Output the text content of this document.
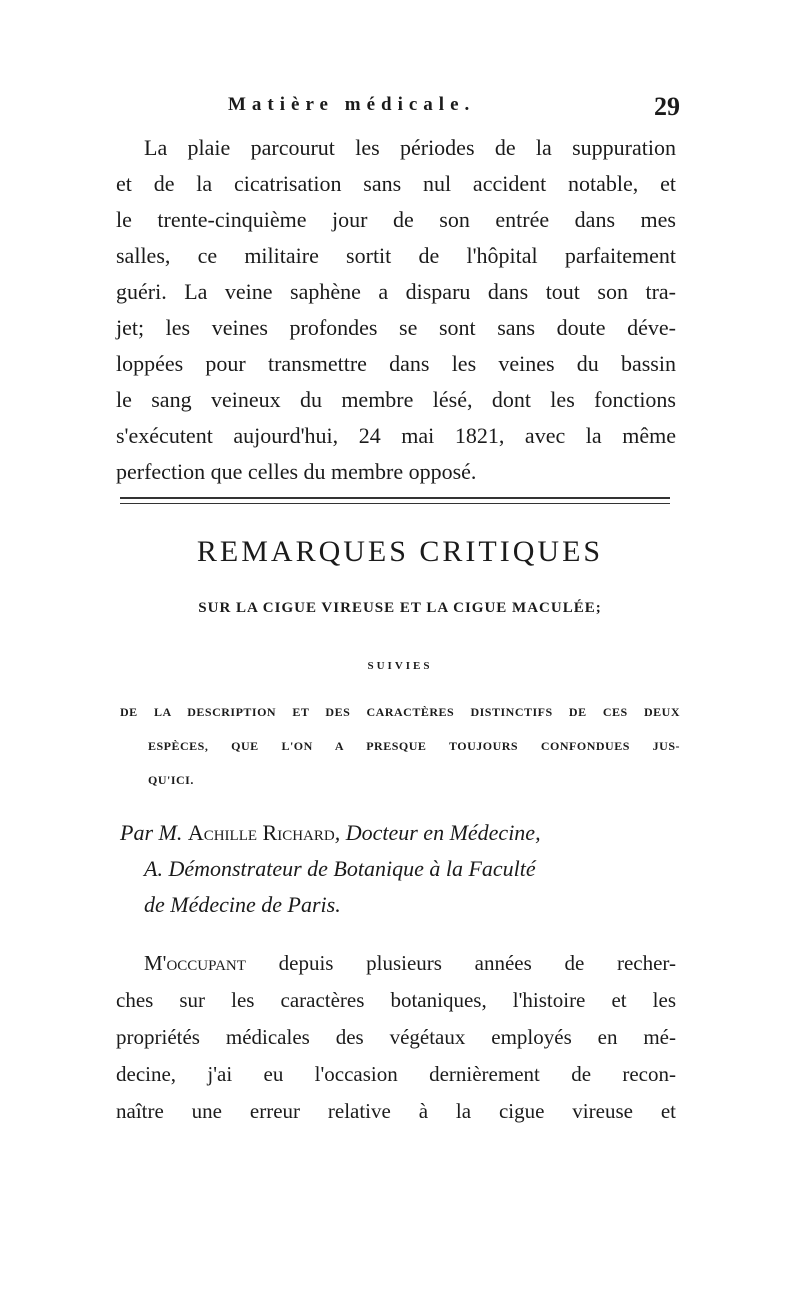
Matière médicale.	29
La plaie parcourut les périodes de la suppuration
et de la cicatrisation sans nul accident notable, et
le trente-cinquième jour de son entrée dans mes
salles, ce militaire sortit de l'hôpital parfaitement
guéri. La veine saphène a disparu dans tout son tra-
jet; les veines profondes se sont sans doute déve-
loppées pour transmettre dans les veines du bassin
le sang veineux du membre lésé, dont les fonctions
s'exécutent aujourd'hui, 24 mai 1821, avec la même
perfection que celles du membre opposé.
REMARQUES CRITIQUES
SUR LA CIGUE VIREUSE ET LA CIGUE MACULÉE;
SUIVIES
DE LA DESCRIPTION ET DES CARACTÈRES DISTINCTIFS DE CES DEUX
ESPÈCES, QUE L'ON A PRESQUE TOUJOURS CONFONDUES JUS-
QU'ICI.
Par M. Achille Richard, Docteur en Médecine,
A. Démonstrateur de Botanique à la Faculté
de Médecine de Paris.
M'occupant depuis plusieurs années de recher-
ches sur les caractères botaniques, l'histoire et les
propriétés médicales des végétaux employés en mé-
decine, j'ai eu l'occasion dernièrement de recon-
naître une erreur relative à la cigue vireuse et
